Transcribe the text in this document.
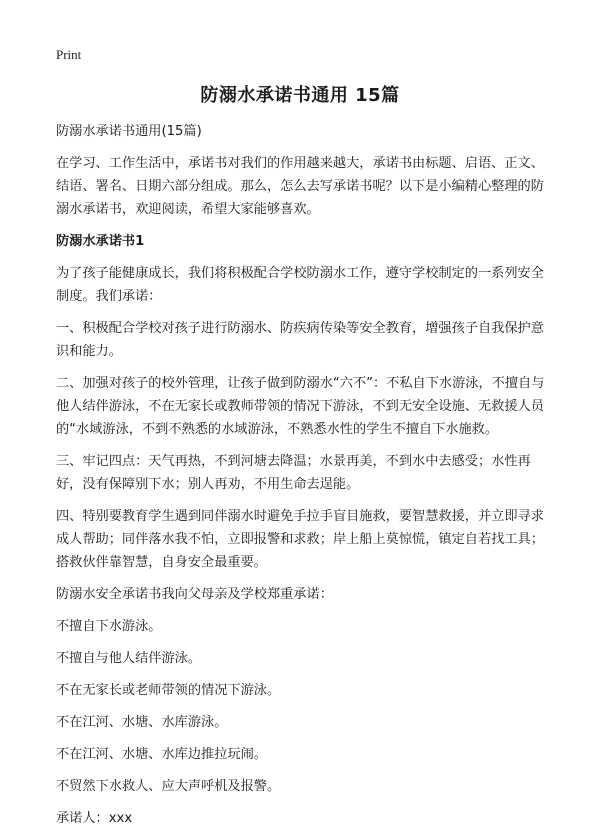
Print
防溺水承诺书通用 15篇

防溺水承诺书通用(15篇)

在学习、工作生活中，承诺书对我们的作用越来越大，承诺书由标题、启语、正文、结语、署名、日期六部分组成。那么，怎么去写承诺书呢？以下是小编精心整理的防溺水承诺书，欢迎阅读，希望大家能够喜欢。

防溺水承诺书1

为了孩子能健康成长，我们将积极配合学校防溺水工作，遵守学校制定的一系列安全制度。我们承诺：

一、积极配合学校对孩子进行防溺水、防疾病传染等安全教育，增强孩子自我保护意识和能力。

二、加强对孩子的校外管理，让孩子做到防溺水“六不”：不私自下水游泳，不擅自与他人结伴游泳，不在无家长或教师带领的情况下游泳，不到无安全设施、无救援人员的“水域游泳，不到不熟悉的水域游泳，不熟悉水性的学生不擅自下水施救。

三、牢记四点：天气再热，不到河塘去降温；水景再美，不到水中去感受；水性再好，没有保障别下水；别人再劝，不用生命去逞能。

四、特别要教育学生遇到同伴溺水时避免手拉手盲目施救，要智慧救援，并立即寻求成人帮助；同伴落水我不怕，立即报警和求救；岸上船上莫惊慌，镇定自若找工具；搭救伙伴靠智慧，自身安全最重要。

防溺水安全承诺书我向父母亲及学校郑重承诺：

不擅自下水游泳。

不擅自与他人结伴游泳。

不在无家长或老师带领的情况下游泳。

不在江河、水塘、水库游泳。

不在江河、水塘、水库边推拉玩闹。

不贸然下水救人、应大声呼机及报警。

承诺人：xxx
